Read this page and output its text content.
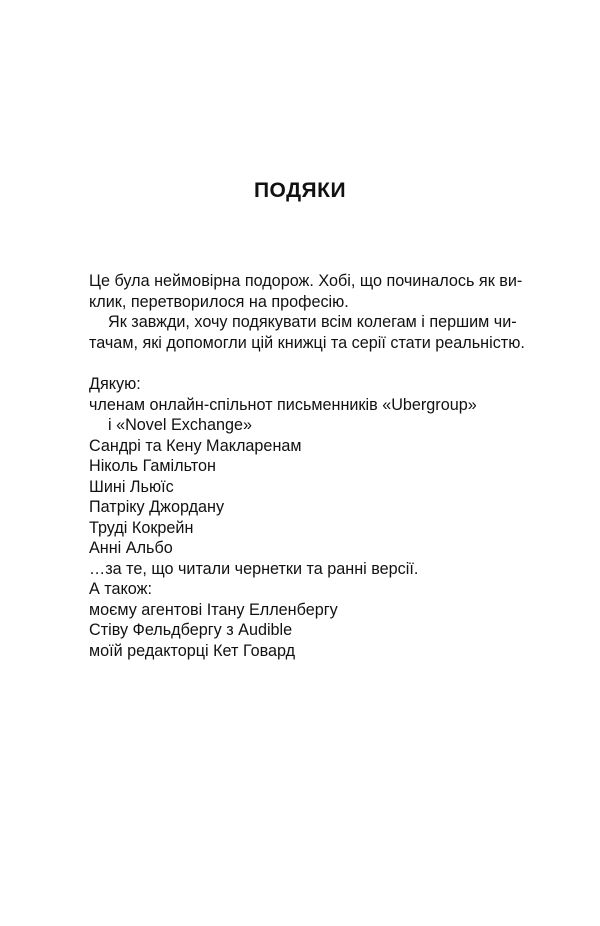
ПОДЯКИ

Це була неймовірна подорож. Хобі, що починалось як ви-
клик, перетворилося на професію.

Як завжди, хочу подякувати всім колегам і першим чи-
тачам, які допомогли цій книжці та серії стати реальністю.

Дякую:
членам онлайн-спільнот письменників «Ubergroup»
і «Novel Exchange»
Сандрі та Кену Макларенам
Ніколь Гамільтон
Шині Льюїс
Патріку Джордану
Труді Кокрейн
Анні Альбо
…за те, що читали чернетки та ранні версії.
А також:
моєму агентові Ітану Елленбергу
Стіву Фельдбергу з Audible
моїй редакторці Кет Говард
